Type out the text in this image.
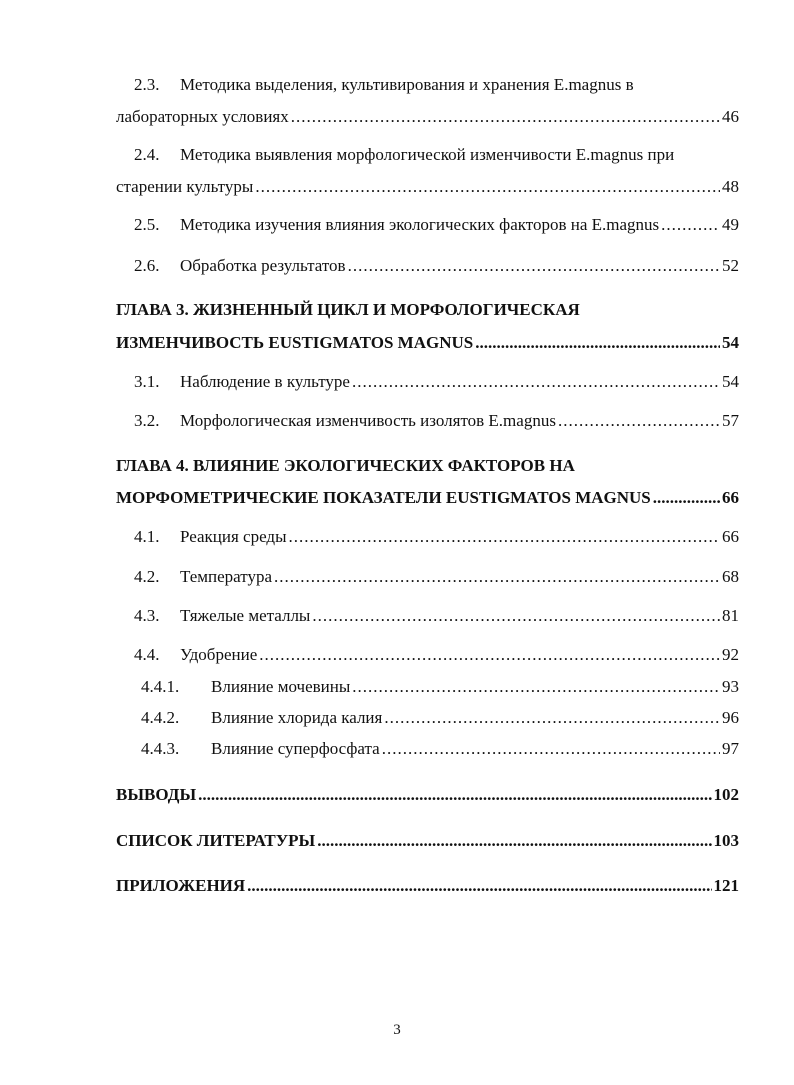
2.3.	Методика выделения, культивирования и хранения E.magnus в
лабораторных условиях .....	46
2.4.	Методика выявления морфологической изменчивости E.magnus при
старении культуры .....	48
2.5.	Методика изучения влияния экологических факторов на E.magnus .....	49
2.6.	Обработка результатов .....	52
ГЛАВА 3. ЖИЗНЕННЫЙ ЦИКЛ И МОРФОЛОГИЧЕСКАЯ
ИЗМЕНЧИВОСТЬ EUSTIGMATOS MAGNUS .....	54
3.1.	Наблюдение в культуре .....	54
3.2.	Морфологическая изменчивость изолятов E.magnus .....	57
ГЛАВА 4. ВЛИЯНИЕ ЭКОЛОГИЧЕСКИХ ФАКТОРОВ НА
МОРФОМЕТРИЧЕСКИЕ ПОКАЗАТЕЛИ EUSTIGMATOS MAGNUS .....	66
4.1.	Реакция среды .....	66
4.2.	Температура .....	68
4.3.	Тяжелые металлы .....	81
4.4.	Удобрение .....	92
4.4.1.	Влияние мочевины .....	93
4.4.2.	Влияние хлорида калия .....	96
4.4.3.	Влияние суперфосфата .....	97
ВЫВОДЫ .....	102
СПИСОК ЛИТЕРАТУРЫ .....	103
ПРИЛОЖЕНИЯ .....	121
3
